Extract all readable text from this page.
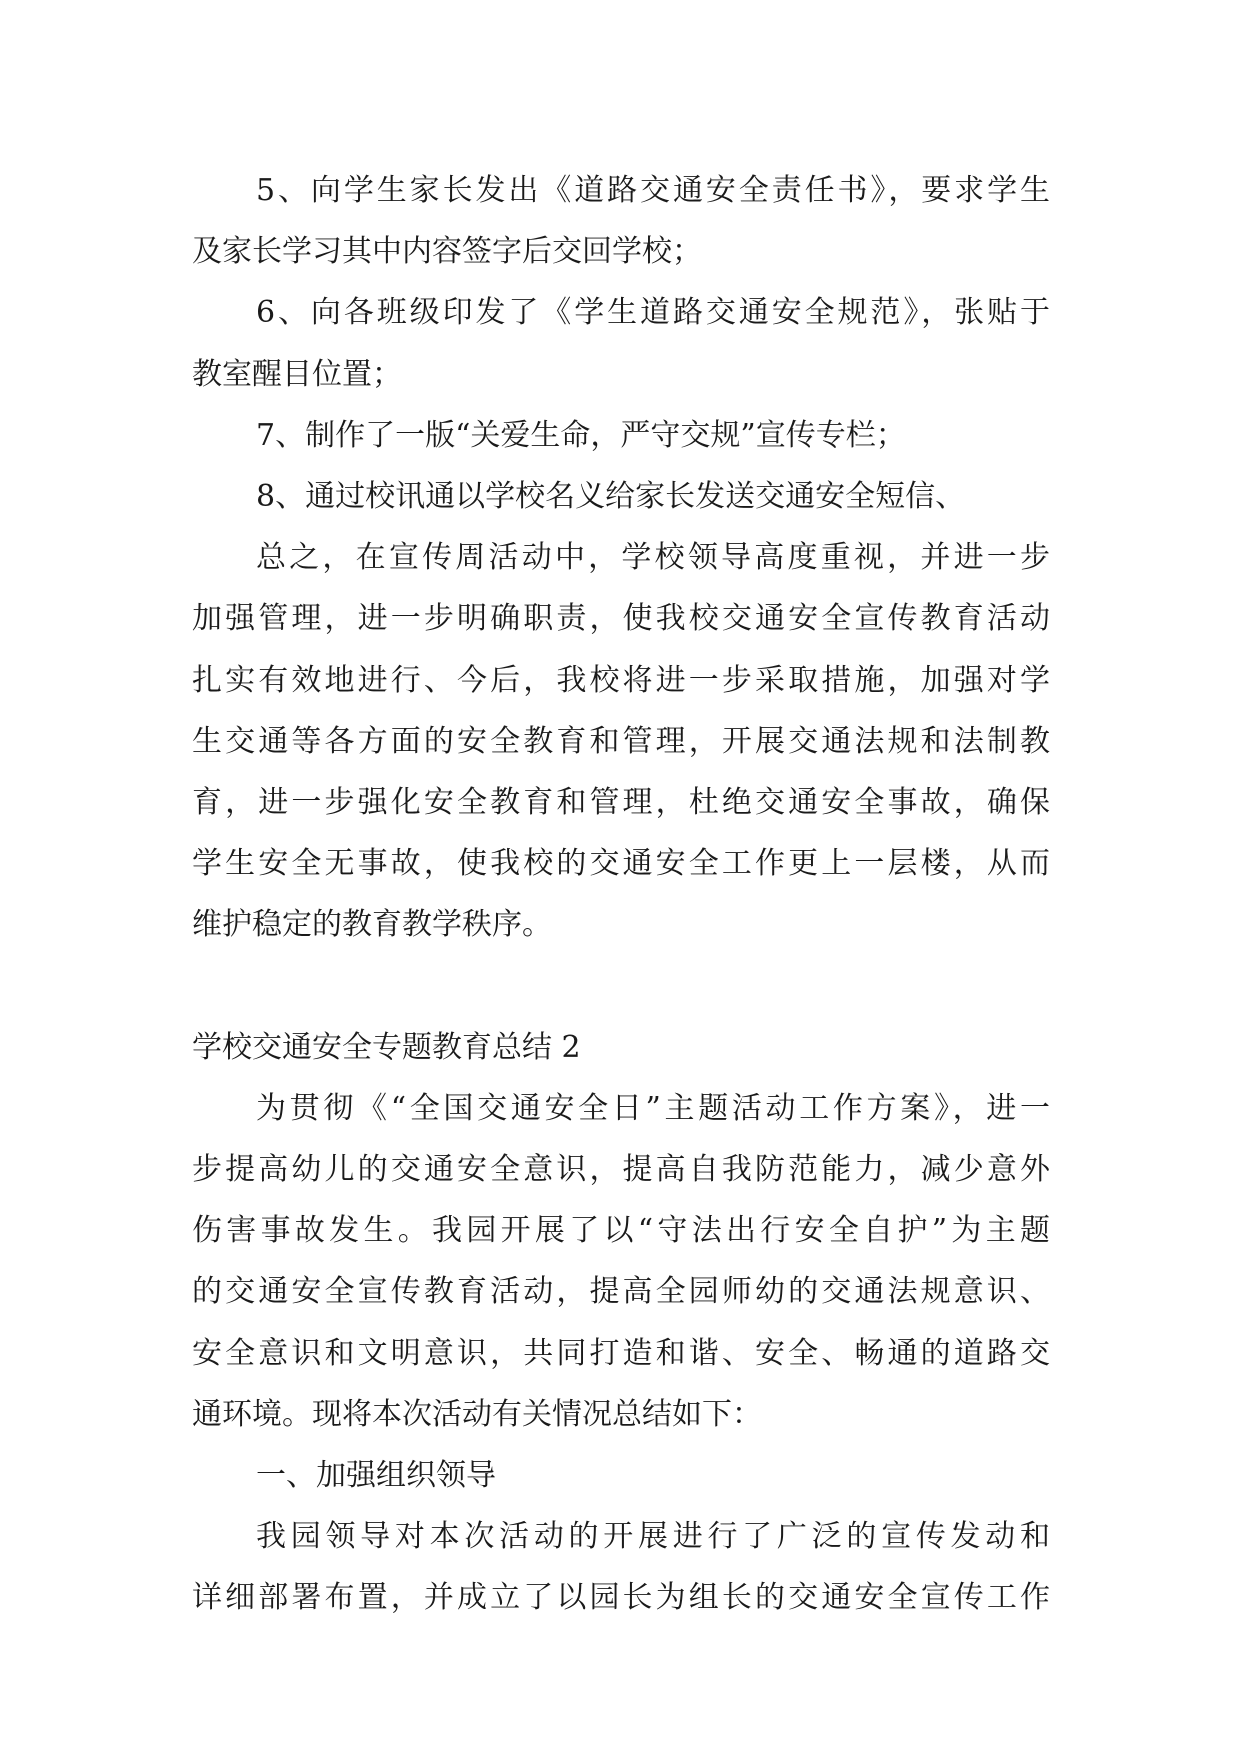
5、向学生家长发出《道路交通安全责任书》，要求学生
及家长学习其中内容签字后交回学校；
6、向各班级印发了《学生道路交通安全规范》，张贴于
教室醒目位置；
7、制作了一版“关爱生命，严守交规”宣传专栏；
8、通过校讯通以学校名义给家长发送交通安全短信、
总之，在宣传周活动中，学校领导高度重视，并进一步
加强管理，进一步明确职责，使我校交通安全宣传教育活动
扎实有效地进行、今后，我校将进一步采取措施，加强对学
生交通等各方面的安全教育和管理，开展交通法规和法制教
育，进一步强化安全教育和管理，杜绝交通安全事故，确保
学生安全无事故，使我校的交通安全工作更上一层楼，从而
维护稳定的教育教学秩序。
学校交通安全专题教育总结 2
为贯彻《“全国交通安全日”主题活动工作方案》，进一
步提高幼儿的交通安全意识，提高自我防范能力，减少意外
伤害事故发生。我园开展了以“守法出行安全自护”为主题
的交通安全宣传教育活动，提高全园师幼的交通法规意识、
安全意识和文明意识，共同打造和谐、安全、畅通的道路交
通环境。现将本次活动有关情况总结如下：
一、加强组织领导
我园领导对本次活动的开展进行了广泛的宣传发动和
详细部署布置，并成立了以园长为组长的交通安全宣传工作
